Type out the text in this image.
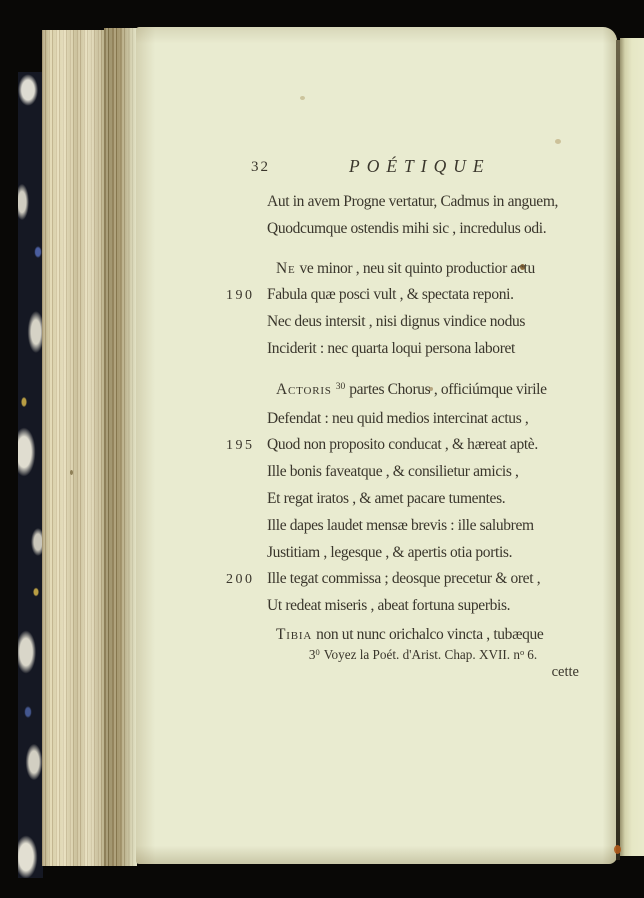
32	POÉTIQUE
Aut in avem Progne vertatur, Cadmus in anguem,
Quodcumque ostendis mihi sic , incredulus odi.
Ne ve minor , neu sit quinto productior actu
190 Fabula quæ posci vult , & spectata reponi.
Nec deus intersit , nisi dignus vindice nodus
Inciderit : nec quarta loqui persona laboret
Actoris $^{30}$ partes Chorus , officiúmque virile
Defendat : neu quid medios intercinat actus ,
195 Quod non proposito conducat , & hæreat aptè.
Ille bonis faveatque , & consilietur amicis ,
Et regat iratos , & amet pacare tumentes.
Ille dapes laudet mensæ brevis : ille salubrem
Justitiam , legesque , & apertis otia portis.
200 Ille tegat commissa ; deosque precetur & oret ,
Ut redeat miseris , abeat fortuna superbis.
Tibia non ut nunc orichalco vincta , tubæque
3$^0$ Voyez la Poét. d'Arist. Chap. XVII. n$^o$ 6.
cette
